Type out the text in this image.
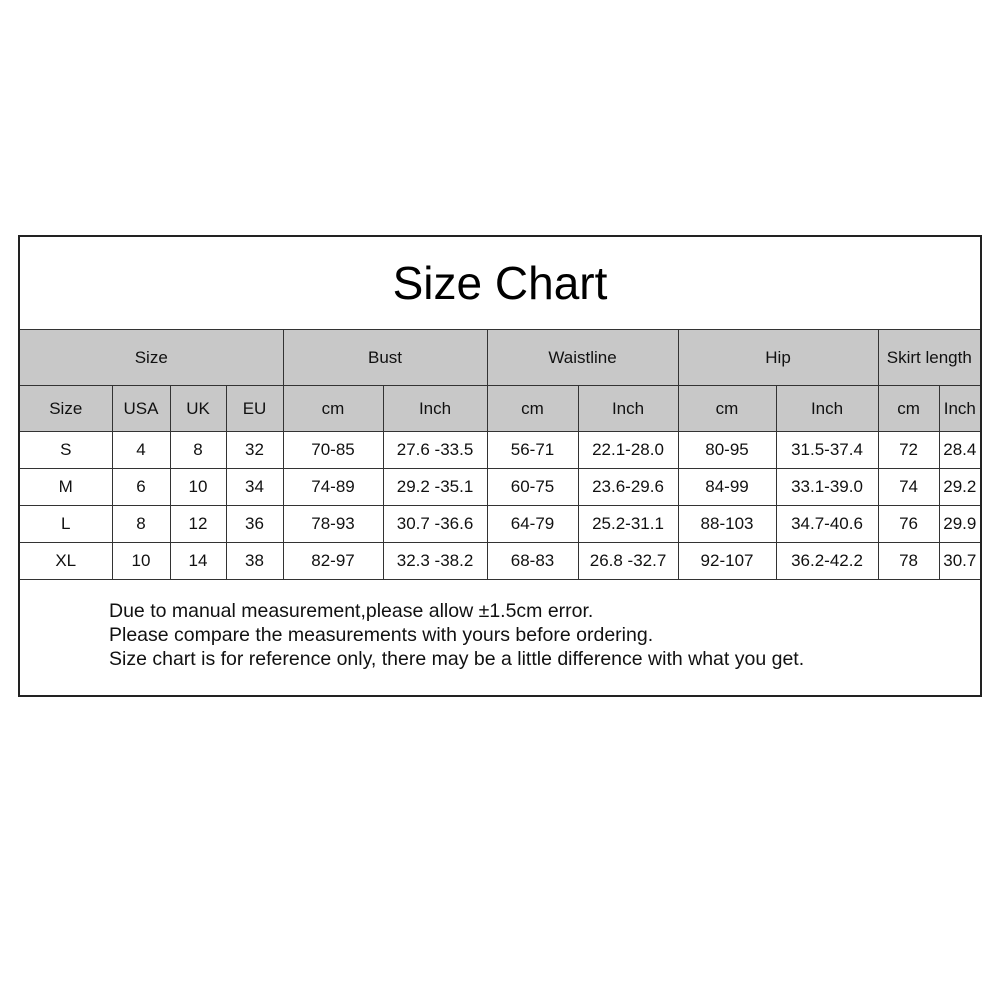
Size Chart
Size				Bust		Waistline		Hip		Skirt length	
Size	USA	UK	EU	cm	Inch	cm	Inch	cm	Inch	cm	Inch
S	4	8	32	70-85	27.6 -33.5	56-71	22.1-28.0	80-95	31.5-37.4	72	28.4
M	6	10	34	74-89	29.2 -35.1	60-75	23.6-29.6	84-99	33.1-39.0	74	29.2
L	8	12	36	78-93	30.7 -36.6	64-79	25.2-31.1	88-103	34.7-40.6	76	29.9
XL	10	14	38	82-97	32.3 -38.2	68-83	26.8 -32.7	92-107	36.2-42.2	78	30.7
Due to manual measurement,please allow ±1.5cm error.
Please compare the measurements with yours before ordering.
Size chart is for reference only, there may be a little difference with what you get.
